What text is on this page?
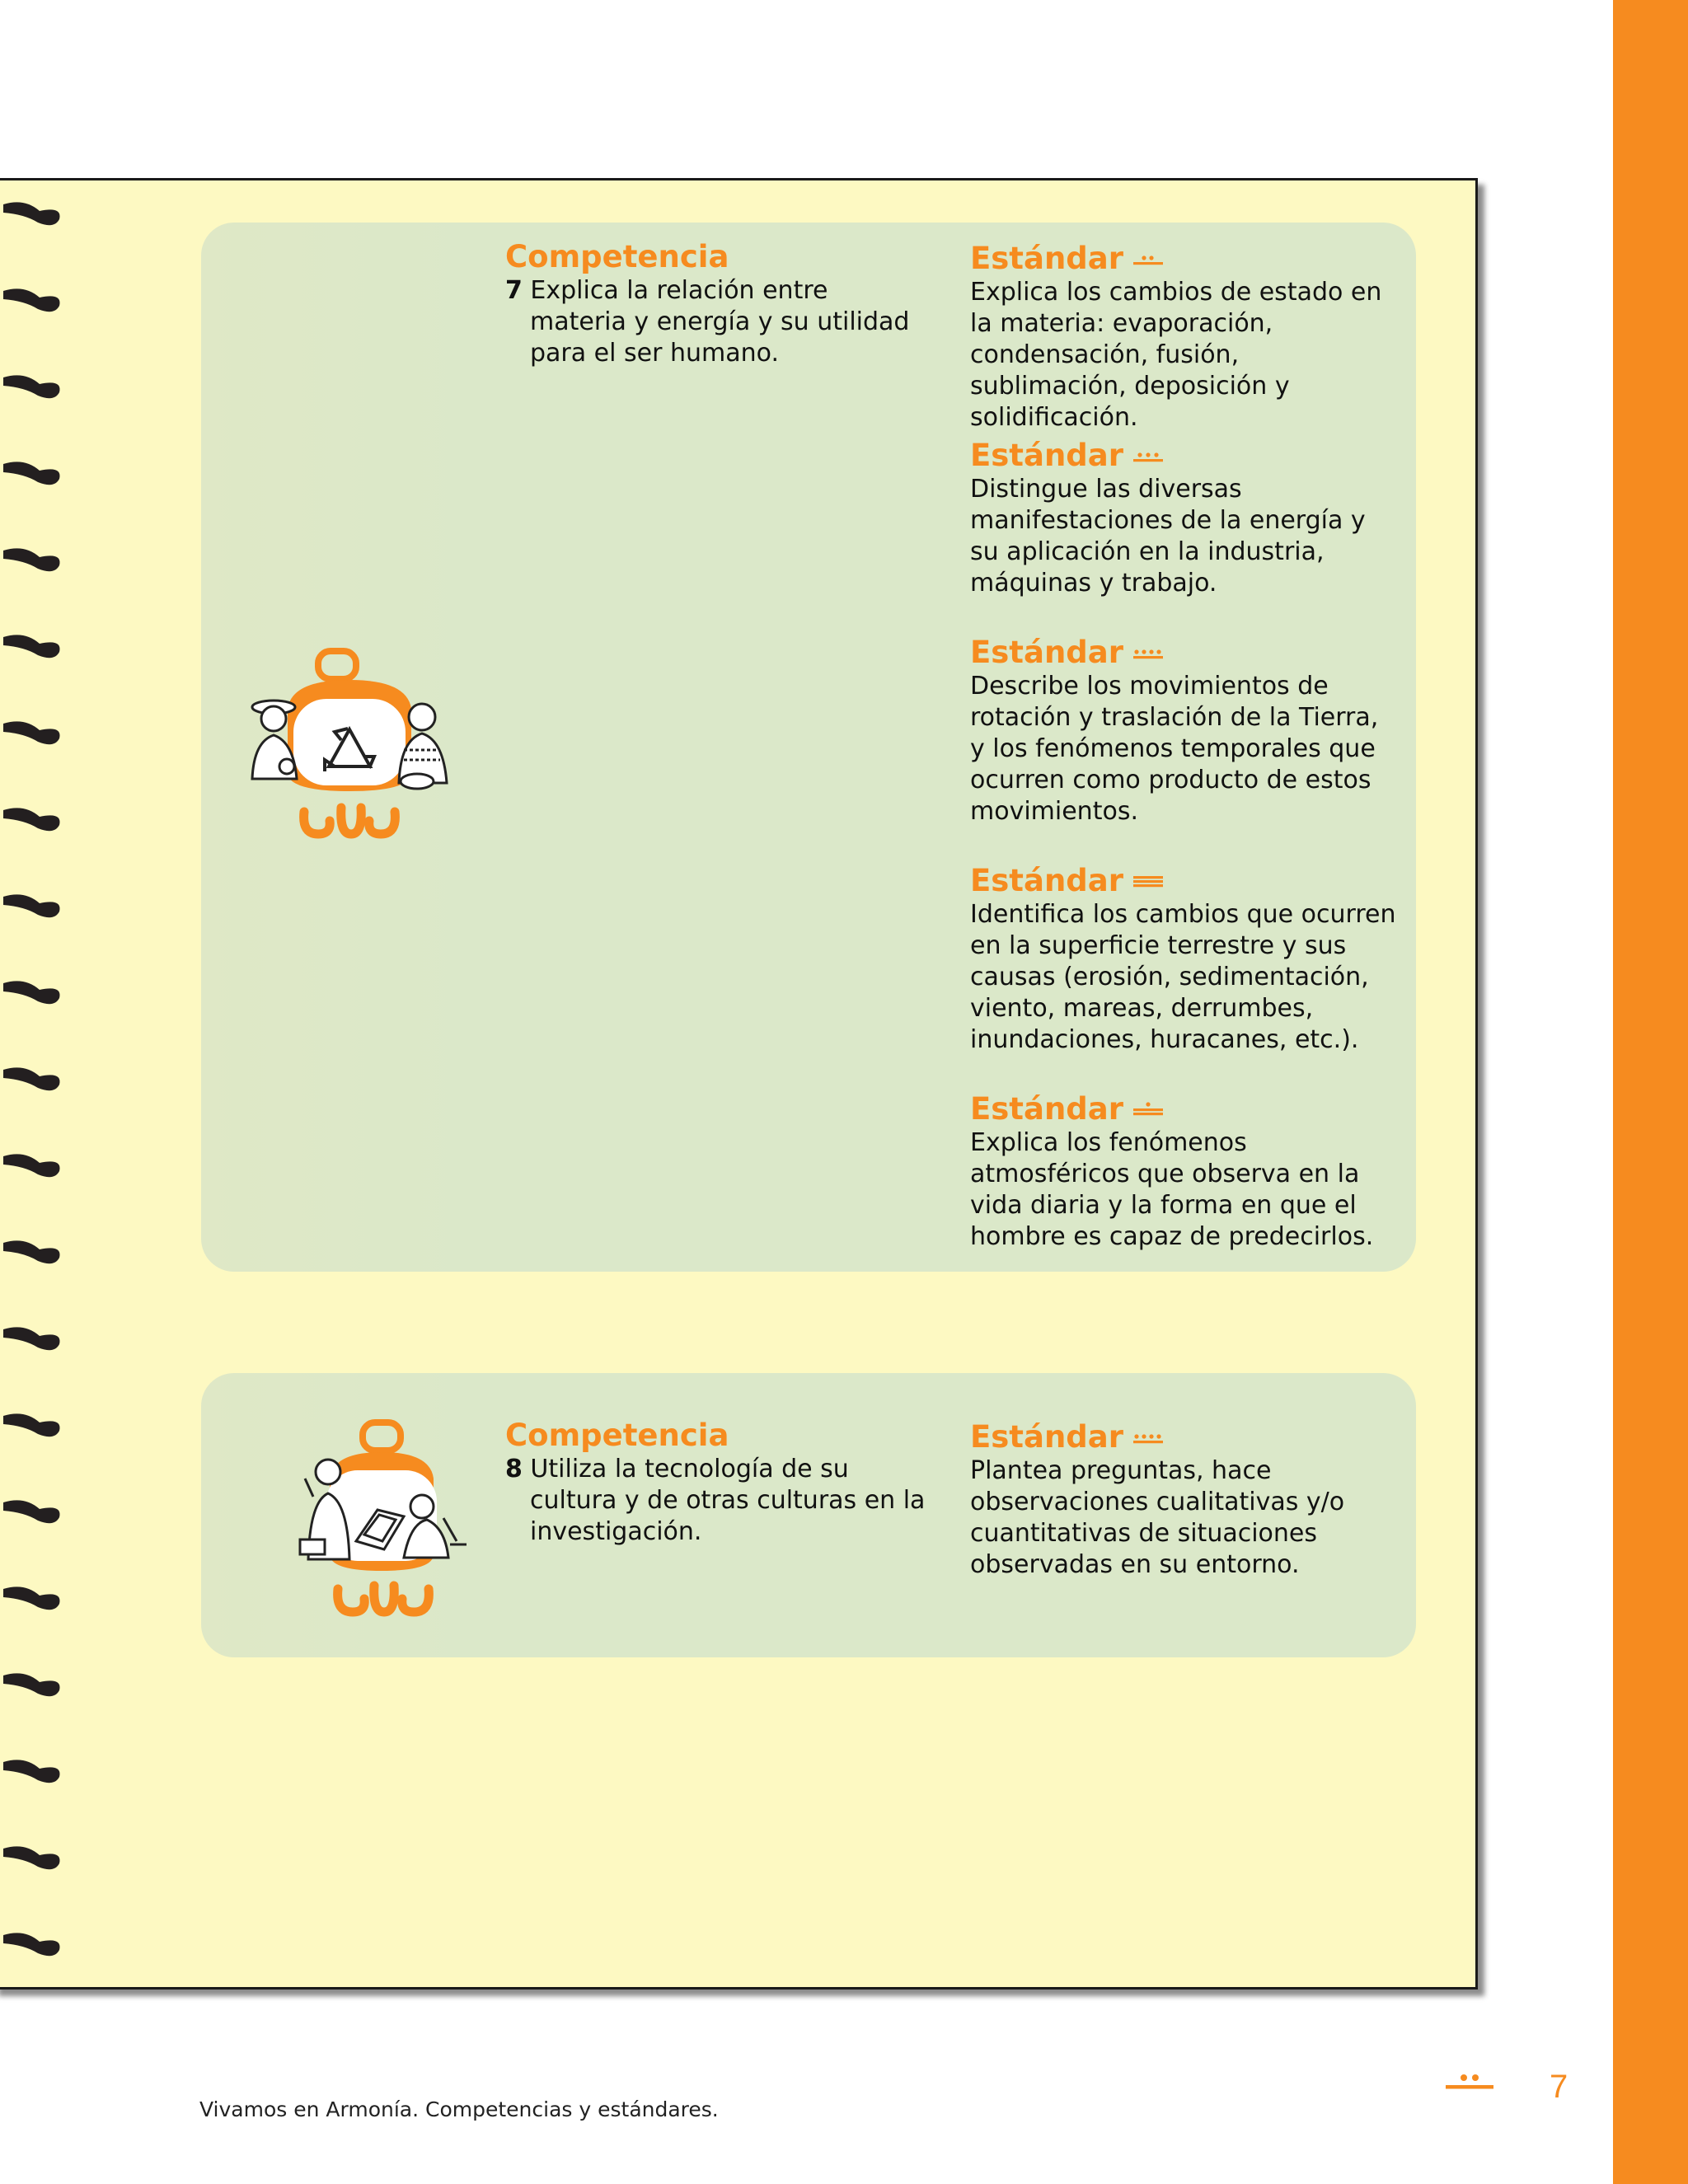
Competencia
7 Explica la relación entre materia y energía y su utilidad para el ser humano.
Estándar
Explica los cambios de estado en la materia: evaporación, condensación, fusión, sublimación, deposición y solidificación.
Estándar
Distingue las diversas manifestaciones de la energía y su aplicación en la industria, máquinas y trabajo.
Estándar
Describe los movimientos de rotación y traslación de la Tierra, y los fenómenos temporales que ocurren como producto de estos movimientos.
Estándar
Identifica los cambios que ocurren en la superficie terrestre y sus causas (erosión, sedimentación, viento, mareas, derrumbes, inundaciones, huracanes, etc.).
Estándar
Explica los fenómenos atmosféricos que observa en la vida diaria y la forma en que el hombre es capaz de predecirlos.
Competencia
8 Utiliza la tecnología de su cultura y de otras culturas en la investigación.
Estándar
Plantea preguntas, hace observaciones cualitativas y/o cuantitativas de situaciones observadas en su entorno.
Vivamos en Armonía. Competencias y estándares.
7
